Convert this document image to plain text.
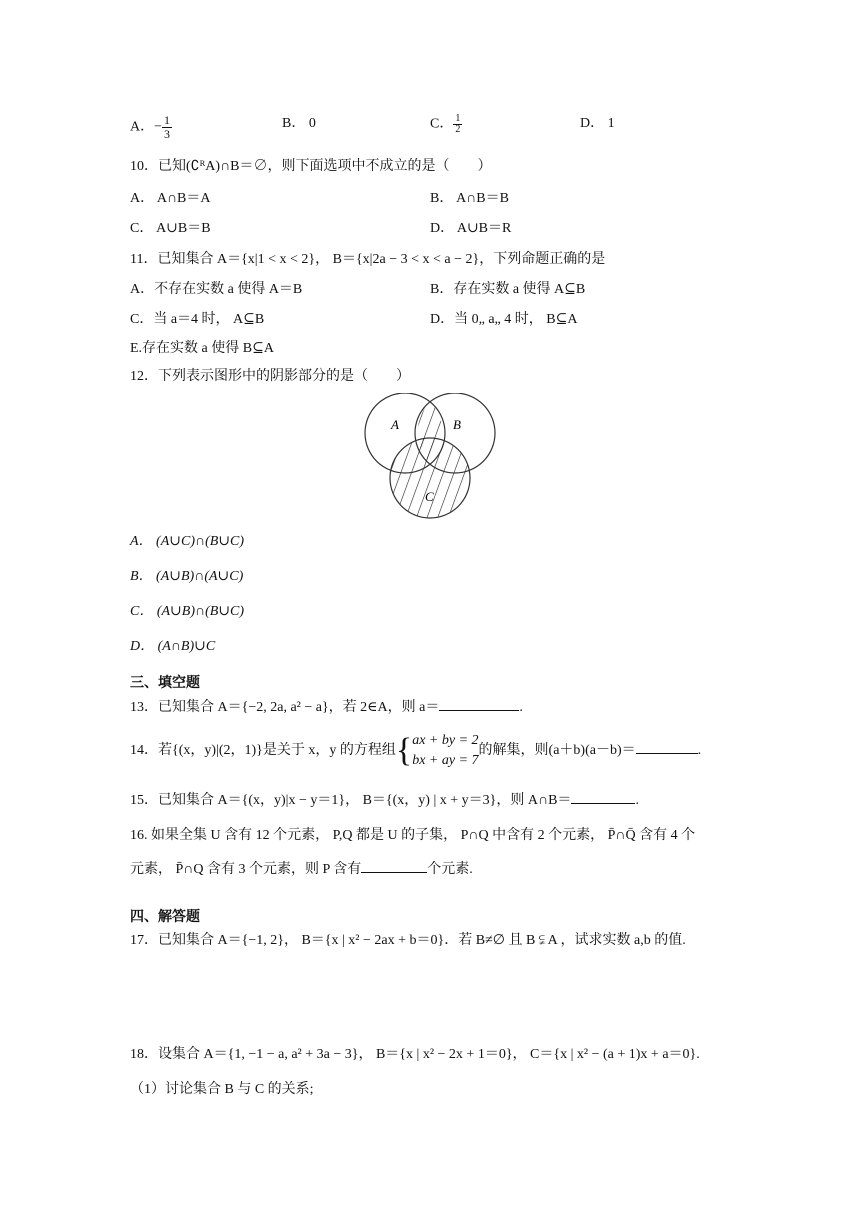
A．− $\frac{1}{3}$	B． 0	C． $\frac{1}{2}$	D． 1
10．已知(∁ᴿA)∩B＝∅，则下面选项中不成立的是（　　）
A． A∩B＝A	B． A∩B＝B
C． A∪B＝B	D． A∪B＝R
11．已知集合 A＝{x|1 < x < 2}， B＝{x|2a − 3 < x < a − 2}，下列命题正确的是
A．不存在实数 a 使得 A＝B	B．存在实数 a 使得 A⊆B
C．当 a＝4 时， A⊆B	D．当 0„ a„ 4 时， B⊆A
E.存在实数 a 使得 B⊆A
12．下列表示图形中的阴影部分的是（　　）
A	B
C
A． (A∪C)∩(B∪C)
B． (A∪B)∩(A∪C)
C． (A∪B)∩(B∪C)
D． (A∩B)∪C
三、填空题
13．已知集合 A＝{−2, 2a, a² − a}，若 2∈A，则 a＝	.
14．若{(x，y)|(2，1)}是关于 x，y 的方程组{ ax + by = 2
bx + ay = 7
的解集，则(a＋b)(a－b)＝	.
15．已知集合 A＝{(x，y)|x − y＝1}， B＝{(x，y) | x + y＝3}，则 A∩B＝	.
16. 如果全集 U 含有 12 个元素， P,Q 都是 U 的子集， P∩Q 中含有 2 个元素， P̄∩Q̄ 含有 4 个
元素， P̄∩Q 含有 3 个元素，则 P 含有	个元素.
四、解答题
17．已知集合 A＝{−1, 2}， B＝{x | x² − 2ax + b＝0}．若 B≠∅ 且 B ⫋ A ，试求实数 a,b 的值.
18．设集合 A＝{1, −1 − a, a² + 3a − 3}， B＝{x | x² − 2x + 1＝0}， C＝{x | x² − (a + 1)x + a＝0}.
（1）讨论集合 B 与 C 的关系;
